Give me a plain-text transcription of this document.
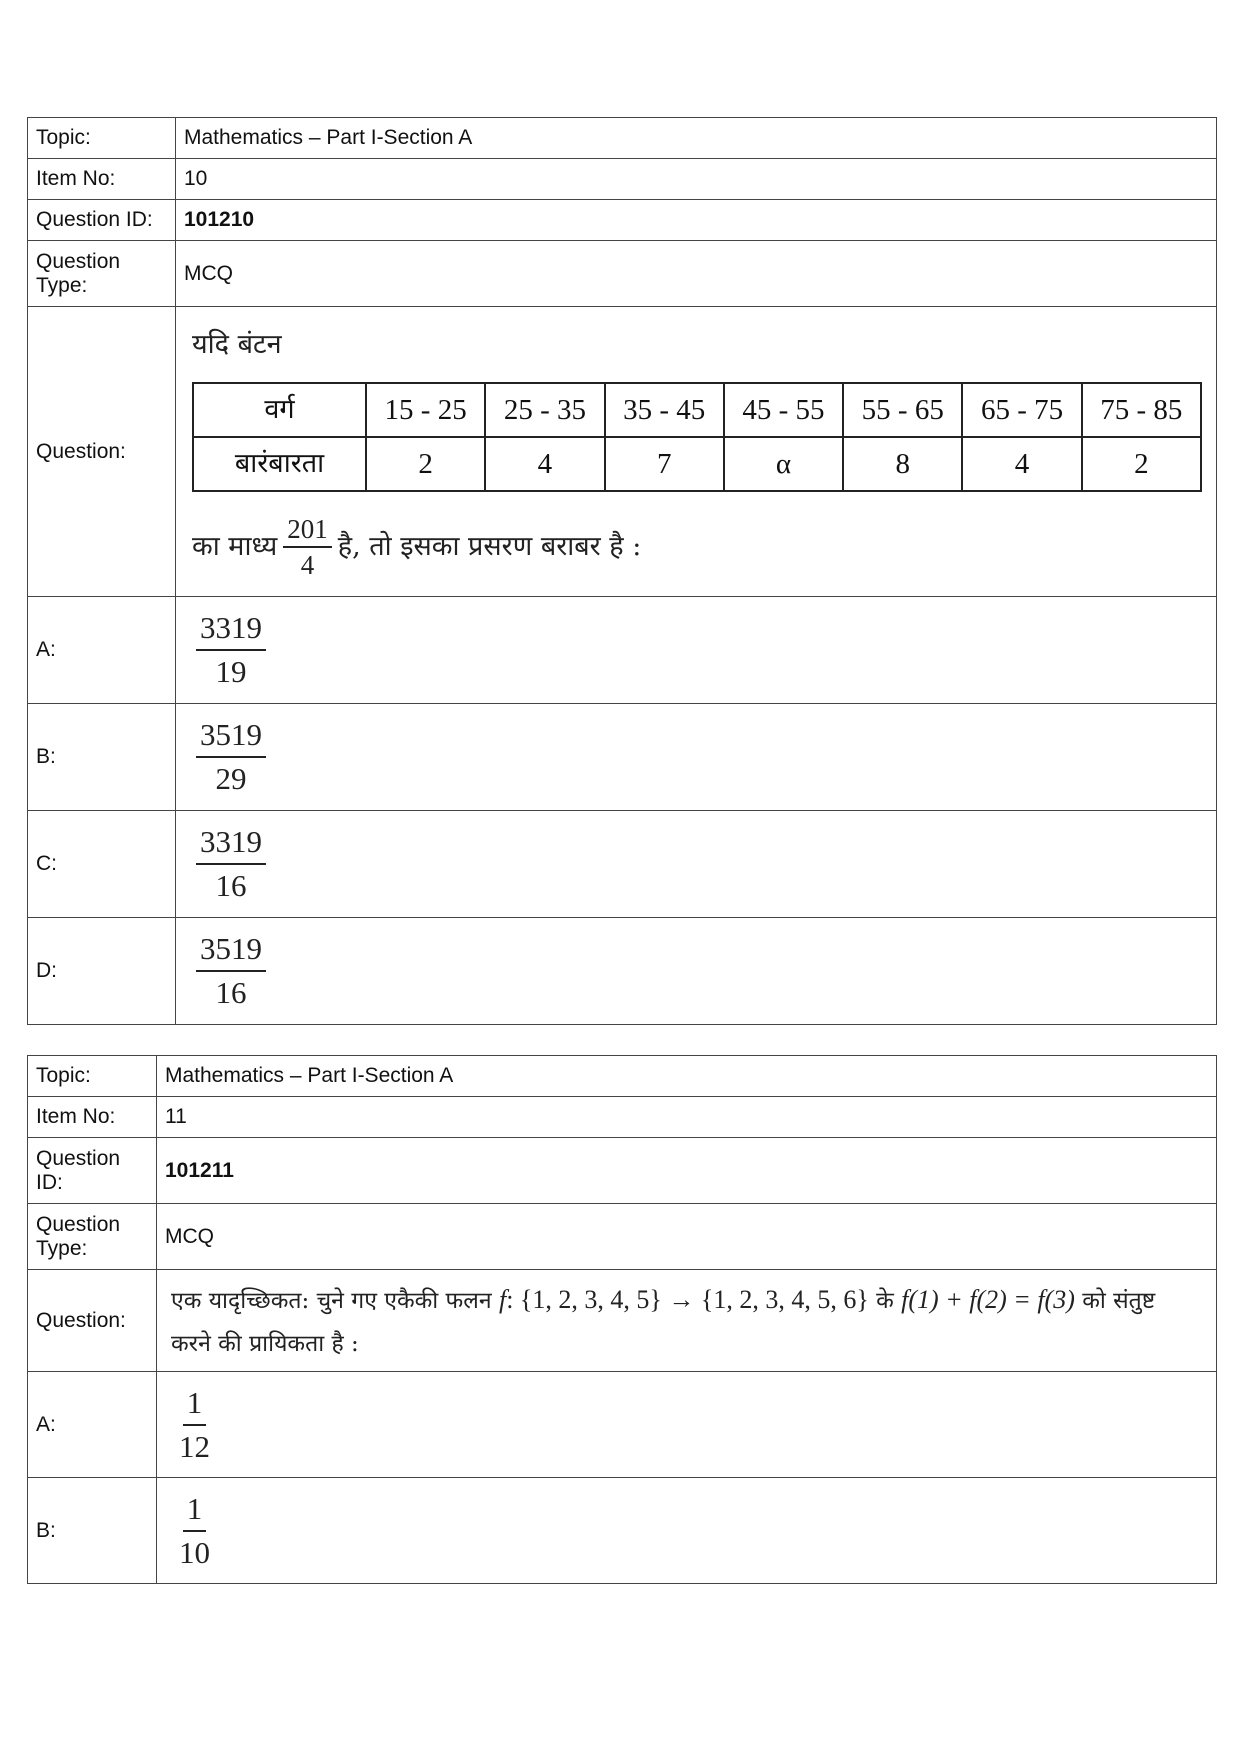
Topic:	Mathematics – Part I-Section A
Item No:	10
Question ID:	101210
Question Type:	MCQ
Question:	
यदि बंटन
वर्ग	15 - 25	25 - 35	35 - 45	45 - 55	55 - 65	65 - 75	75 - 85
बारंबारता	2	4	7	α	8	4	2
का माध्य $\frac{201}{4}$ है, तो इसका प्रसरण बराबर है :

A:	$\frac{3319}{19}$

B:	$\frac{3519}{29}$

C:	$\frac{3319}{16}$

D:	$\frac{3519}{16}$
Topic:	Mathematics – Part I-Section A
Item No:	11
Question ID:	101211
Question Type:	MCQ
Question:	एक यादृच्छिकत: चुने गए एकैकी फलन f: {1, 2, 3, 4, 5} → {1, 2, 3, 4, 5, 6} के f(1) + f(2) = f(3) को संतुष्ट
करने की प्रायिकता है :

A:	$\frac{1}{12}$

B:	$\frac{1}{10}$
